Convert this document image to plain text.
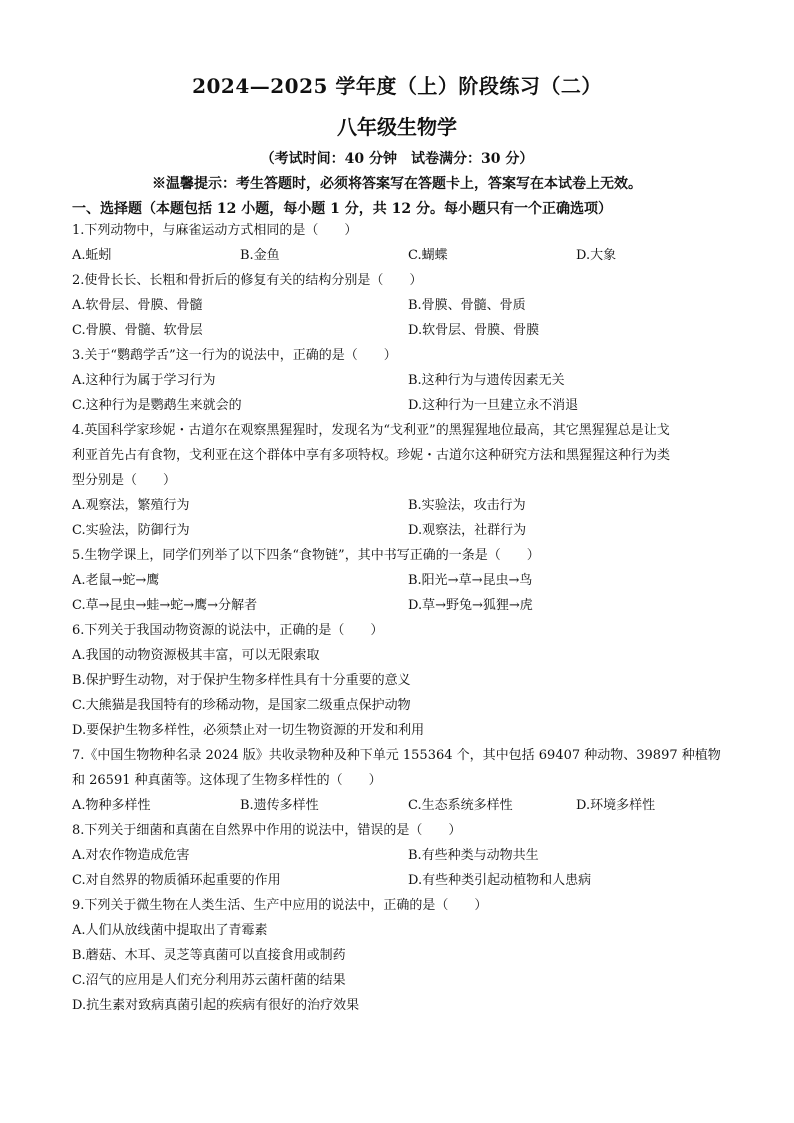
2024—2025 学年度（上）阶段练习（二）
八年级生物学
（考试时间：40 分钟　试卷满分：30 分）
※温馨提示：考生答题时，必须将答案写在答题卡上，答案写在本试卷上无效。
一、选择题（本题包括 12 小题，每小题 1 分，共 12 分。每小题只有一个正确选项）
1.下列动物中，与麻雀运动方式相同的是（　　）
A.蚯蚓	B.金鱼	C.蝴蝶	D.大象
2.使骨长长、长粗和骨折后的修复有关的结构分别是（　　）
A.软骨层、骨膜、骨髓	B.骨膜、骨髓、骨质
C.骨膜、骨髓、软骨层	D.软骨层、骨膜、骨膜
3.关于“鹦鹉学舌”这一行为的说法中，正确的是（　　）
A.这种行为属于学习行为	B.这种行为与遗传因素无关
C.这种行为是鹦鹉生来就会的	D.这种行为一旦建立永不消退
4.英国科学家珍妮・古道尔在观察黑猩猩时，发现名为“戈利亚”的黑猩猩地位最高，其它黑猩猩总是让戈
利亚首先占有食物，戈利亚在这个群体中享有多项特权。珍妮・古道尔这种研究方法和黑猩猩这种行为类
型分别是（　　）
A.观察法，繁殖行为	B.实验法，攻击行为
C.实验法，防御行为	D.观察法，社群行为
5.生物学课上，同学们列举了以下四条“食物链”，其中书写正确的一条是（　　）
A.老鼠→蛇→鹰	B.阳光→草→昆虫→鸟
C.草→昆虫→蛙→蛇→鹰→分解者	D.草→野兔→狐狸→虎
6.下列关于我国动物资源的说法中，正确的是（　　）
A.我国的动物资源极其丰富，可以无限索取
B.保护野生动物，对于保护生物多样性具有十分重要的意义
C.大熊猫是我国特有的珍稀动物，是国家二级重点保护动物
D.要保护生物多样性，必须禁止对一切生物资源的开发和利用
7.《中国生物物种名录 2024 版》共收录物种及种下单元 155364 个，其中包括 69407 种动物、39897 种植物
和 26591 种真菌等。这体现了生物多样性的（　　）
A.物种多样性	B.遗传多样性	C.生态系统多样性	D.环境多样性
8.下列关于细菌和真菌在自然界中作用的说法中，错误的是（　　）
A.对农作物造成危害	B.有些种类与动物共生
C.对自然界的物质循环起重要的作用	D.有些种类引起动植物和人患病
9.下列关于微生物在人类生活、生产中应用的说法中，正确的是（　　）
A.人们从放线菌中提取出了青霉素
B.蘑菇、木耳、灵芝等真菌可以直接食用或制药
C.沼气的应用是人们充分利用苏云菌杆菌的结果
D.抗生素对致病真菌引起的疾病有很好的治疗效果
